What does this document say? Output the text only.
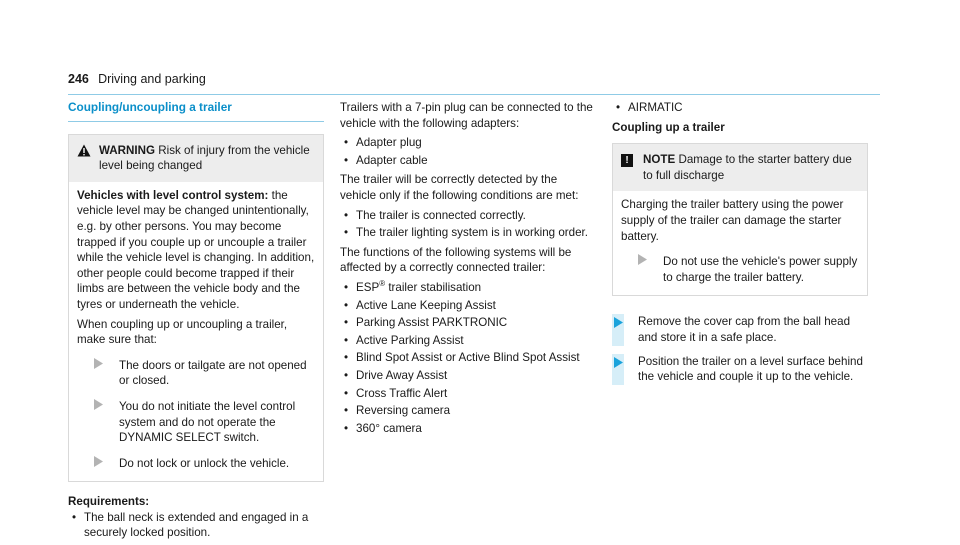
246 Driving and parking
Coupling/uncoupling a trailer
WARNING Risk of injury from the vehicle level being changed

Vehicles with level control system: the vehicle level may be changed unintentionally, e.g. by other persons. You may become trapped if you couple up or uncouple a trailer while the vehicle level is changing. In addition, other people could become trapped if their limbs are between the vehicle body and the tyres or underneath the vehicle.

When coupling up or uncoupling a trailer, make sure that:

The doors or tailgate are not opened or closed.
You do not initiate the level control system and do not operate the DYNAMIC SELECT switch.
Do not lock or unlock the vehicle.
Requirements:
• The ball neck is extended and engaged in a securely locked position.

Trailers with a 7-pin plug can be connected to the vehicle with the following adapters:

• Adapter plug
• Adapter cable

The trailer will be correctly detected by the vehicle only if the following conditions are met:

• The trailer is connected correctly.
• The trailer lighting system is in working order.

The functions of the following systems will be affected by a correctly connected trailer:

• ESP® trailer stabilisation
• Active Lane Keeping Assist
• Parking Assist PARKTRONIC
• Active Parking Assist
• Blind Spot Assist or Active Blind Spot Assist
• Drive Away Assist
• Cross Traffic Alert
• Reversing camera
• 360° camera
• AIRMATIC
Coupling up a trailer
!	NOTE Damage to the starter battery due to full discharge

Charging the trailer battery using the power supply of the trailer can damage the starter battery.

Do not use the vehicle's power supply to charge the trailer battery.
Remove the cover cap from the ball head and store it in a safe place.
Position the trailer on a level surface behind the vehicle and couple it up to the vehicle.
